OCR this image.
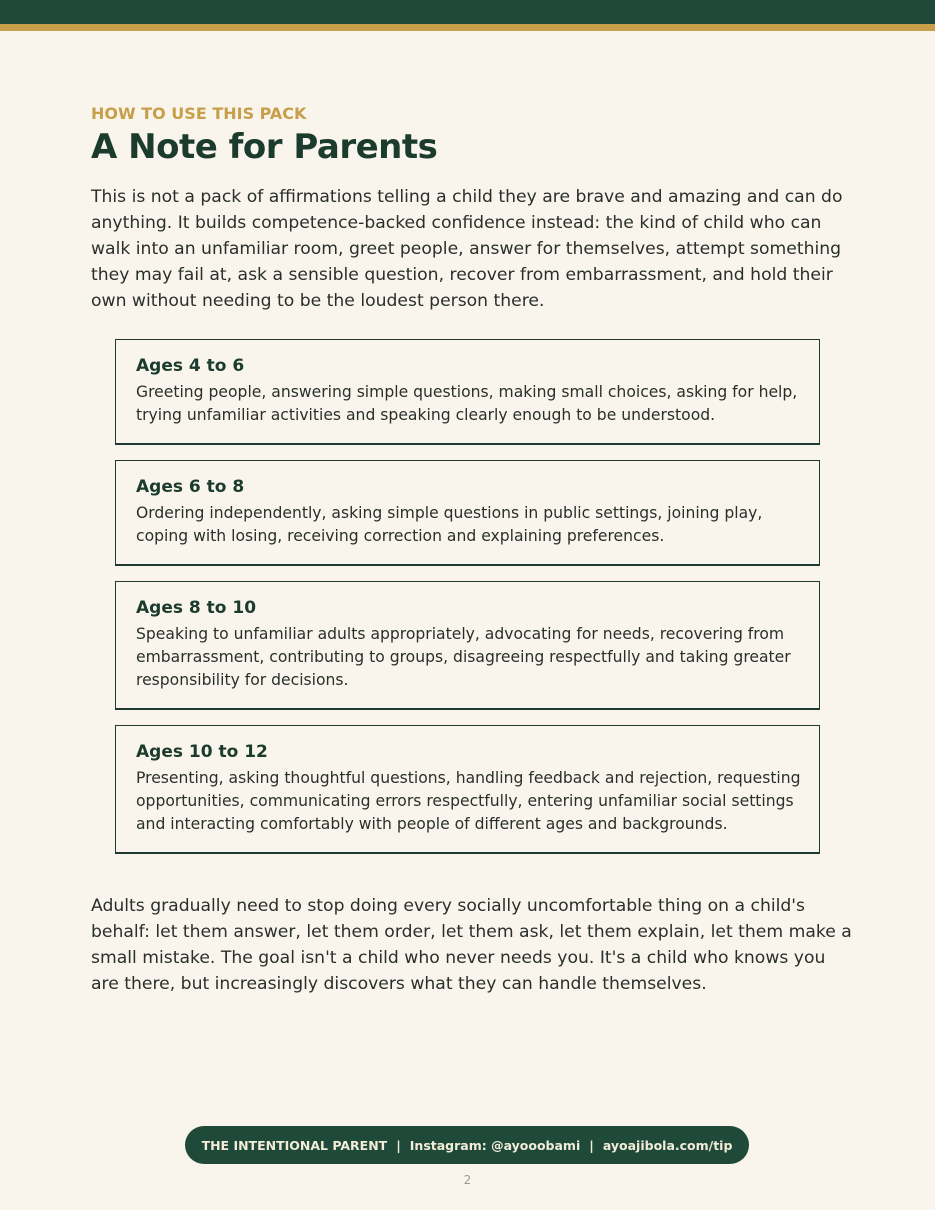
HOW TO USE THIS PACK
A Note for Parents

This is not a pack of affirmations telling a child they are brave and amazing and can do anything. It builds competence-backed confidence instead: the kind of child who can walk into an unfamiliar room, greet people, answer for themselves, attempt something they may fail at, ask a sensible question, recover from embarrassment, and hold their own without needing to be the loudest person there.

Ages 4 to 6

Greeting people, answering simple questions, making small choices, asking for help, trying unfamiliar activities and speaking clearly enough to be understood.

Ages 6 to 8

Ordering independently, asking simple questions in public settings, joining play, coping with losing, receiving correction and explaining preferences.

Ages 8 to 10

Speaking to unfamiliar adults appropriately, advocating for needs, recovering from embarrassment, contributing to groups, disagreeing respectfully and taking greater responsibility for decisions.

Ages 10 to 12

Presenting, asking thoughtful questions, handling feedback and rejection, requesting opportunities, communicating errors respectfully, entering unfamiliar social settings and interacting comfortably with people of different ages and backgrounds.

Adults gradually need to stop doing every socially uncomfortable thing on a child's behalf: let them answer, let them order, let them ask, let them explain, let them make a small mistake. The goal isn't a child who never needs you. It's a child who knows you are there, but increasingly discovers what they can handle themselves.

THE INTENTIONAL PARENT | Instagram: @ayooobami | ayoajibola.com/tip
2
